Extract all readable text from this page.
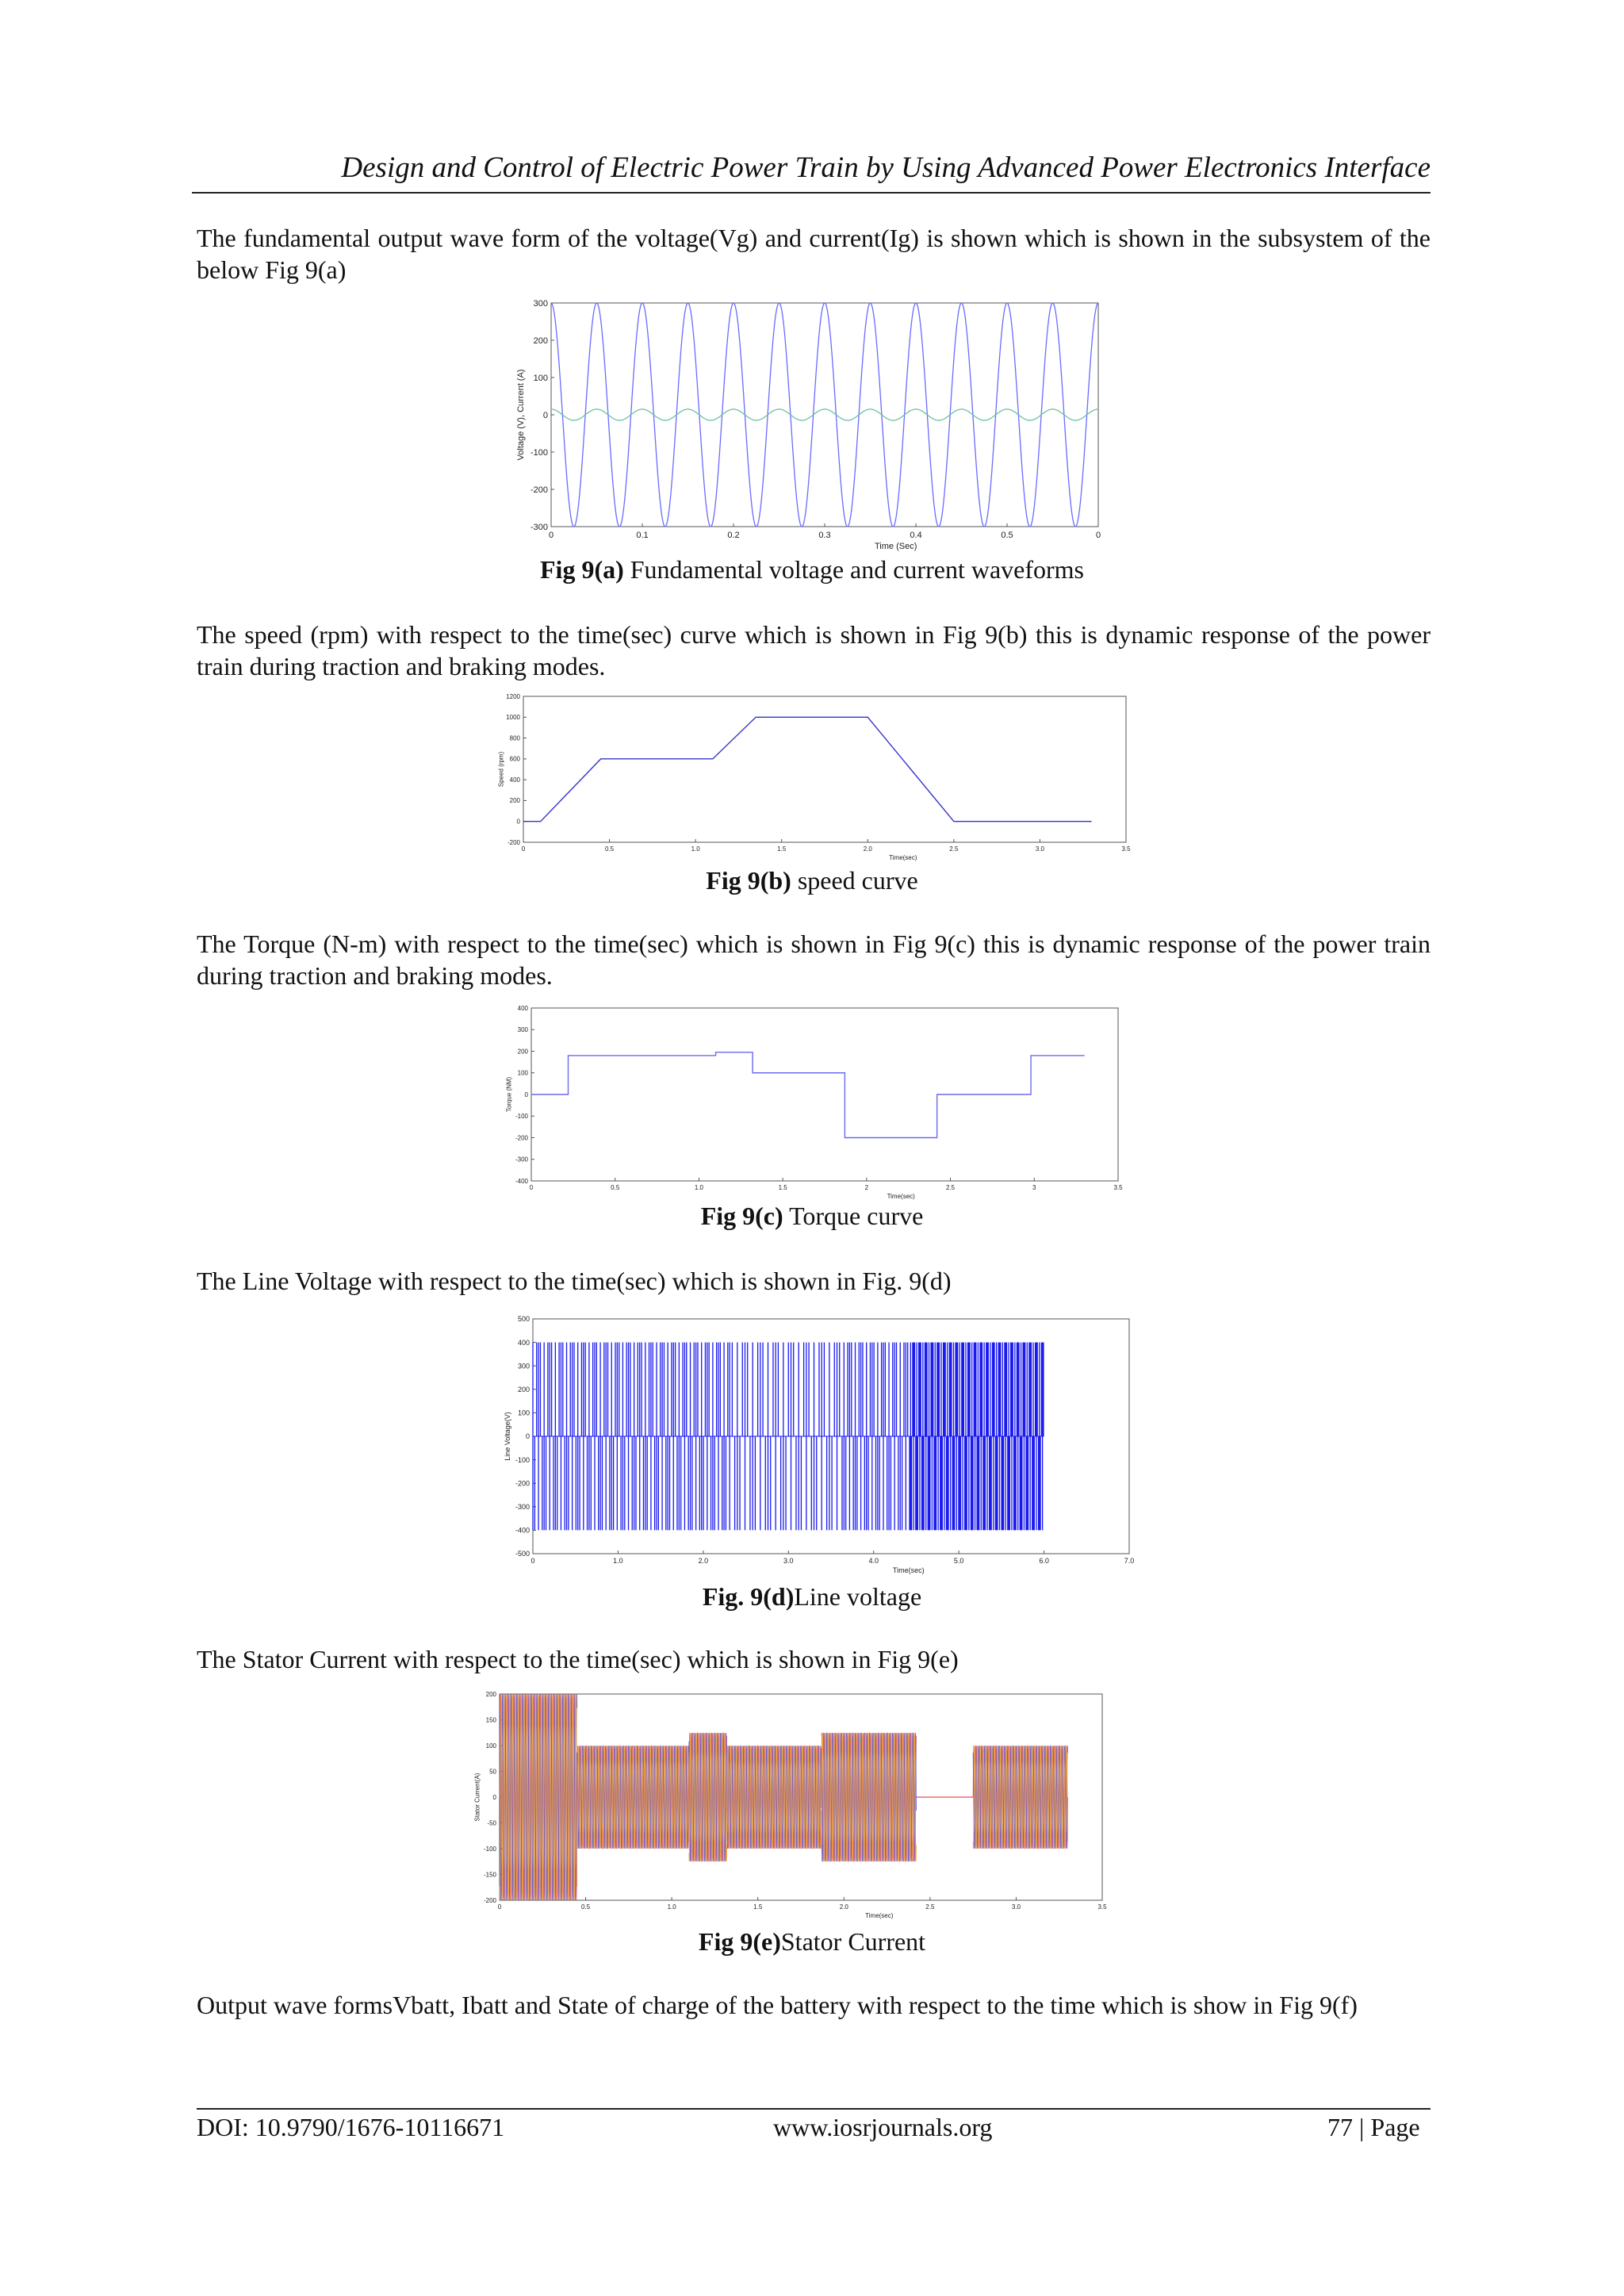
Design and Control of Electric Power Train by Using Advanced Power Electronics Interface
The fundamental output wave form of the voltage(Vg) and current(Ig) is shown which is shown in the subsystem of the below Fig 9(a)
0	0.1	0.2	0.3	0.4	0.5	0
300
200
100
0
-100
-200
-300
Time (Sec)
Voltage (V), Current (A)
Fig 9(a) Fundamental voltage and current waveforms
The speed (rpm) with respect to the time(sec) curve which is shown in Fig 9(b) this is dynamic response of the power train during traction and braking modes.
0	0.5	1.0	1.5	2.0	2.5	3.0	3.5
1200
1000
800
600
400
200
0
-200
Time(sec)
Speed (rpm)
Fig 9(b) speed curve
The Torque (N-m) with respect to the time(sec) which is shown in Fig 9(c) this is dynamic response of the power train during traction and braking modes.
0	0.5	1.0	1.5	2	2.5	3	3.5
400
300
200
100
0
-100
-200
-300
-400
Time(sec)
Torque (NM)
Fig 9(c) Torque curve
The Line Voltage with respect to the time(sec) which is shown in Fig. 9(d)
0	1.0	2.0	3.0	4.0	5.0	6.0	7.0
500
400
300
200
100
0
-100
-200
-300
-400
-500
Time(sec)
Line Voltage(V)
Fig. 9(d)Line voltage
The Stator Current with respect to the time(sec) which is shown in Fig 9(e)
0	0.5	1.0	1.5	2.0	2.5	3.0	3.5
200
150
100
50
0
-50
-100
-150
-200
Time(sec)
Stator Current(A)
Fig 9(e)Stator Current
Output wave formsVbatt, Ibatt and State of charge of the battery with respect to the time which is show in Fig 9(f)
DOI: 10.9790/1676-10116671	www.iosrjournals.org	77 | Page
